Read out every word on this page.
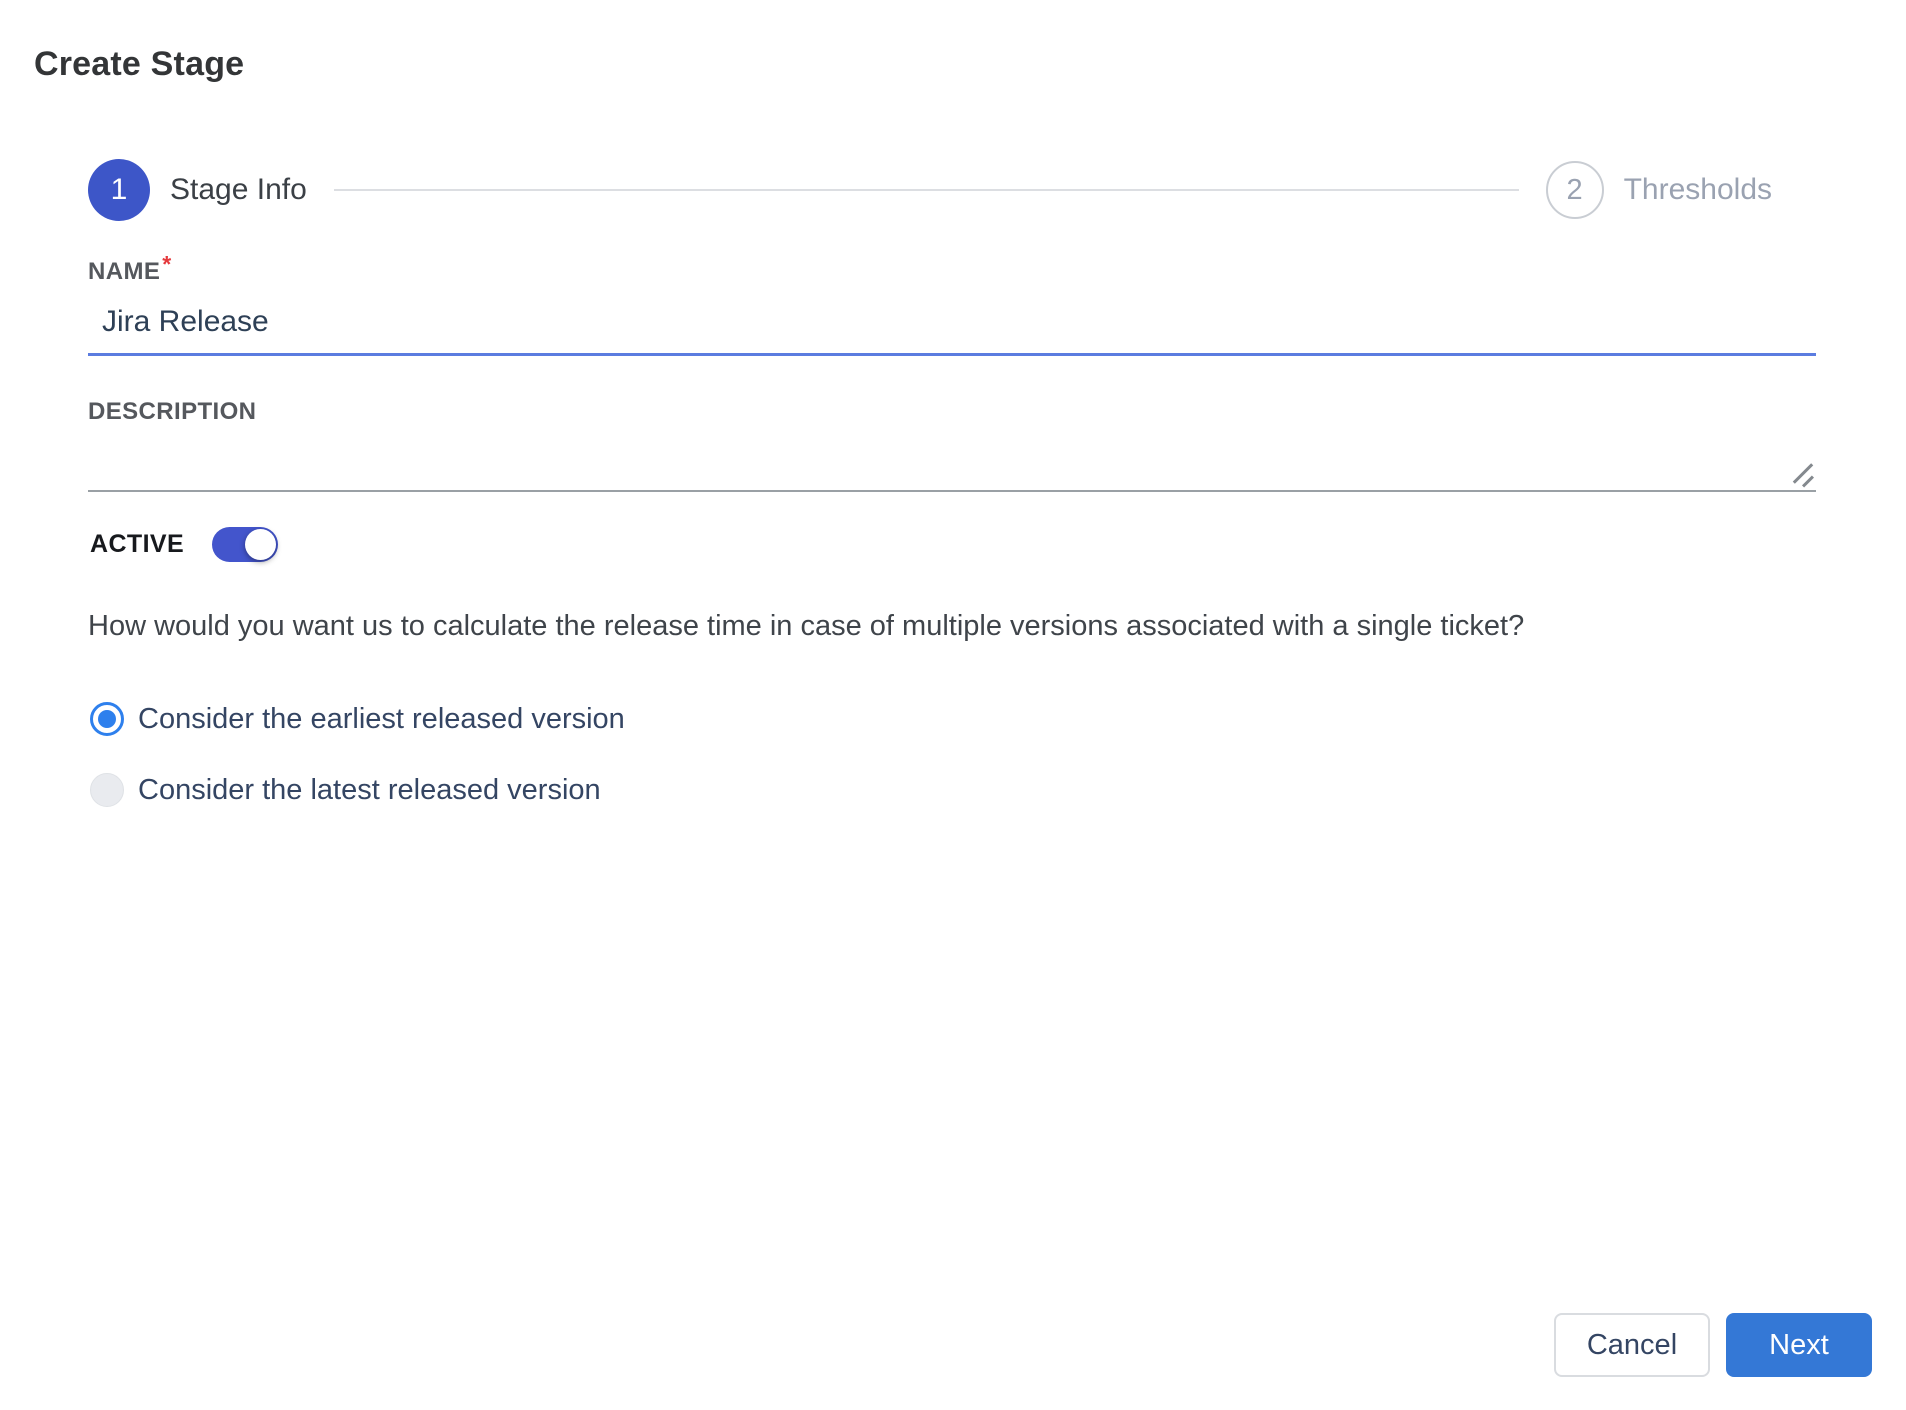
Create Stage
1	Stage Info	2	Thresholds
NAME*
Jira Release
DESCRIPTION
ACTIVE
How would you want us to calculate the release time in case of multiple versions associated with a single ticket?
Consider the earliest released version
Consider the latest released version
Cancel	Next
